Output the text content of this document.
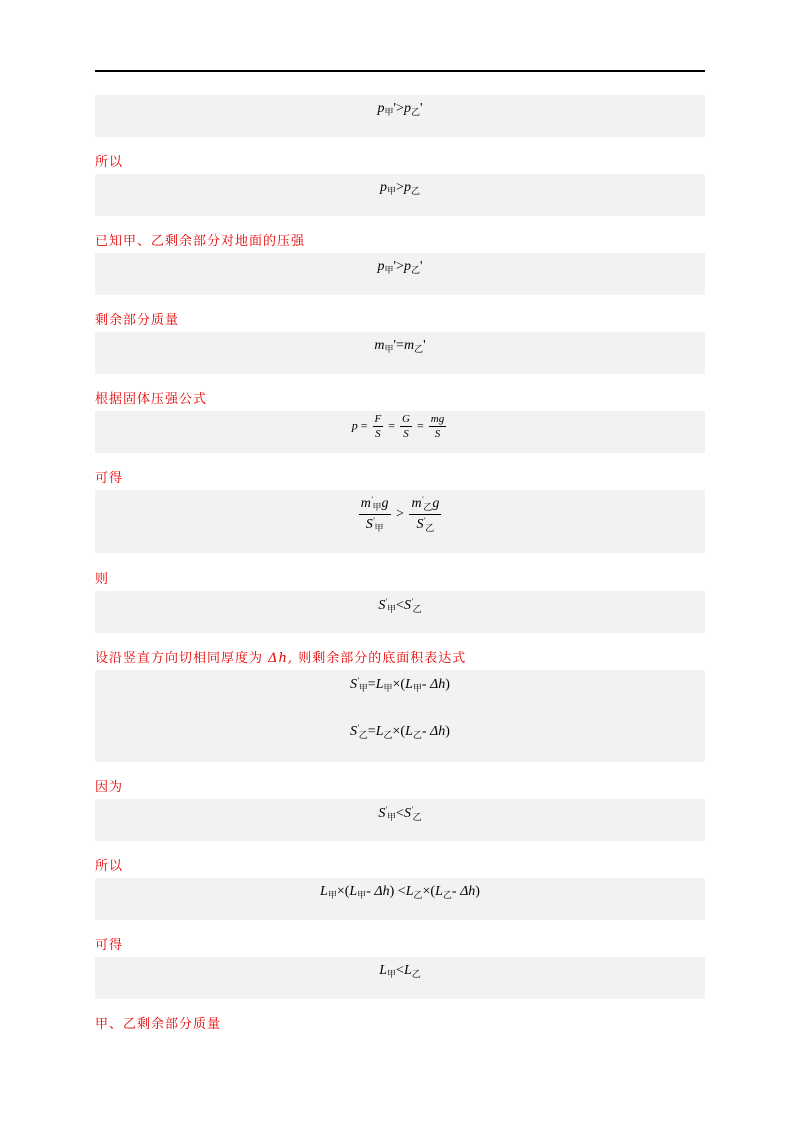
$p_甲'>p_乙'$
所以
$p_甲>p_乙$
已知甲、乙剩余部分对地面的压强
$p_甲'>p_乙'$
剩余部分质量
$m_甲'=m_乙'$
根据固体压强公式
$p = \frac{F}{S} = \frac{G}{S} = \frac{mg}{S}$
可得
$\frac{m'_甲g}{S'_甲} > \frac{m'_乙g}{S'_乙}$
则
$S'_甲<S'_乙$
设沿竖直方向切相同厚度为 Δh, 则剩余部分的底面积表达式
$S'_甲=L_甲\times(L_甲-$ Δh)
$S'_乙=L_乙\times(L_乙-$ Δh)
因为
$S'_甲<S'_乙$
所以
$L_甲\times(L_甲-$ $\Delta h) <L_乙\times(L_乙-$ Δh)
可得
$L_甲<L_乙$
甲、乙剩余部分质量
